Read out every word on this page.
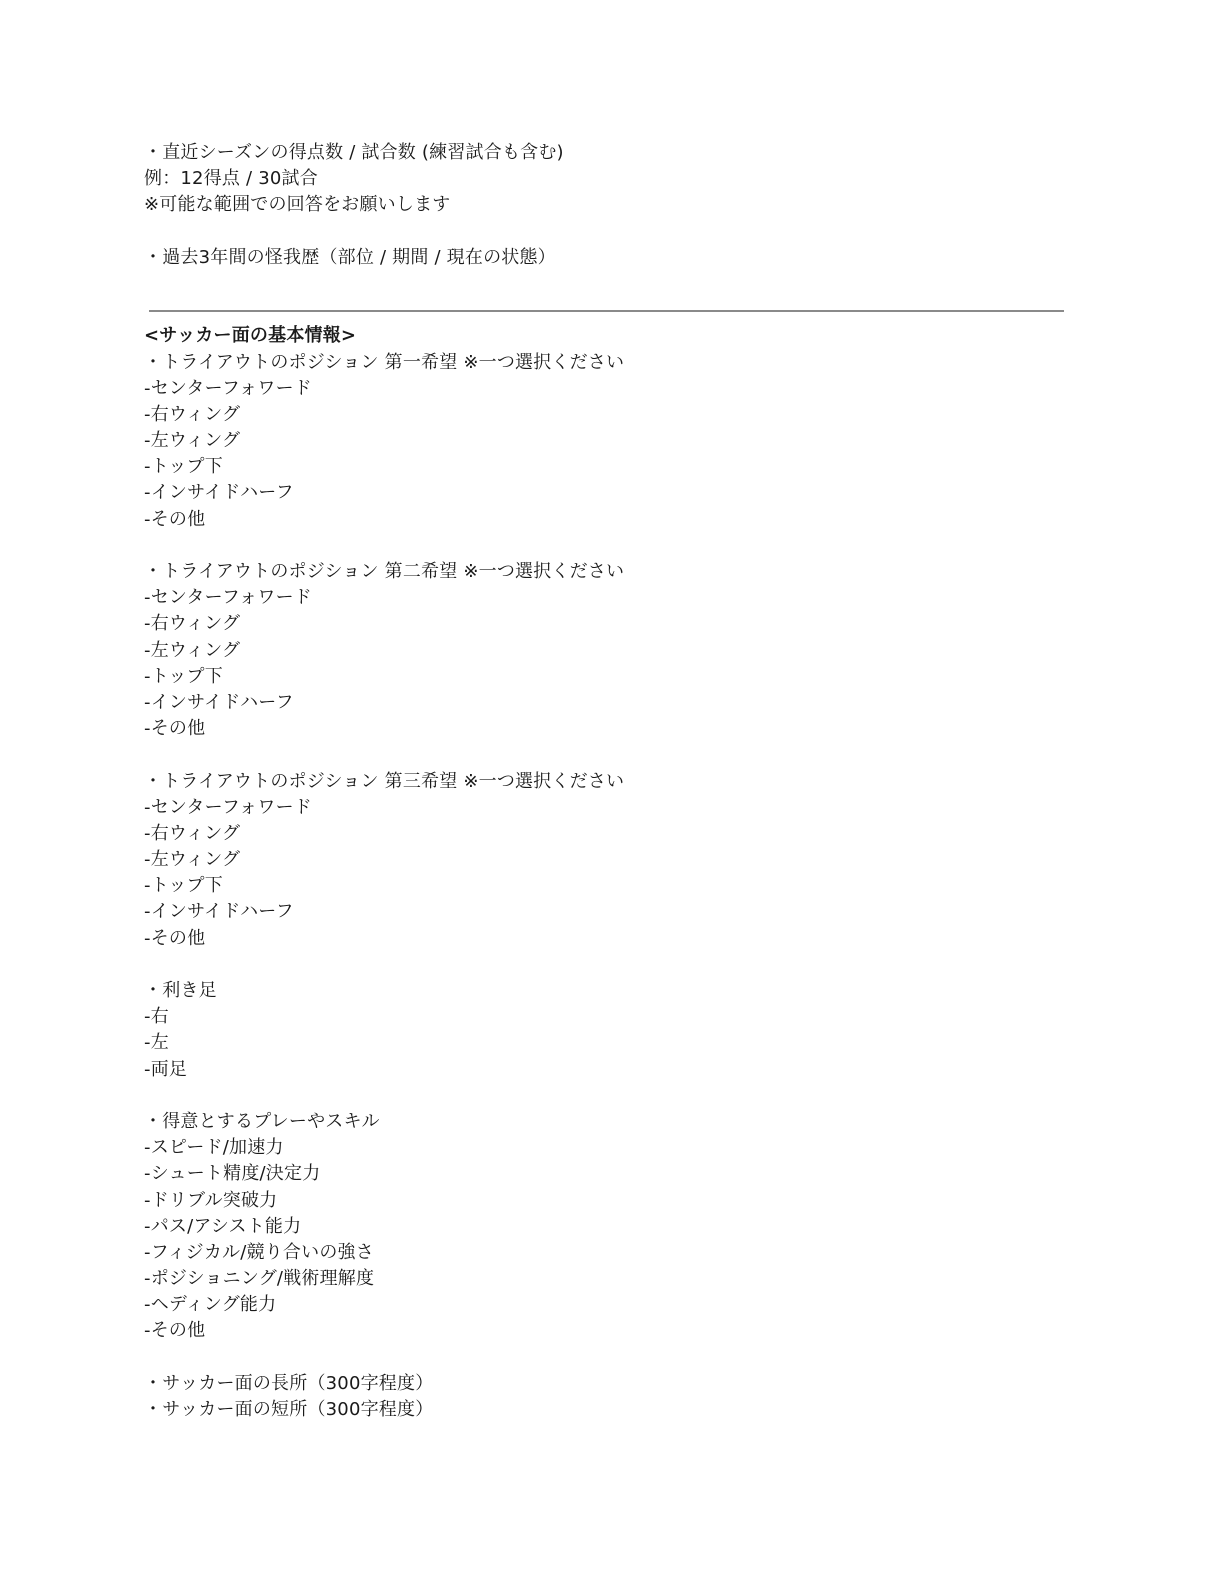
・直近シーズンの得点数 / 試合数 (練習試合も含む)
例：12得点 / 30試合
※可能な範囲での回答をお願いします
・過去3年間の怪我歴（部位 / 期間 / 現在の状態）
<サッカー面の基本情報>
・トライアウトのポジション 第一希望 ※一つ選択ください
-センターフォワード
-右ウィング
-左ウィング
-トップ下
-インサイドハーフ
-その他
・トライアウトのポジション 第二希望 ※一つ選択ください
-センターフォワード
-右ウィング
-左ウィング
-トップ下
-インサイドハーフ
-その他
・トライアウトのポジション 第三希望 ※一つ選択ください
-センターフォワード
-右ウィング
-左ウィング
-トップ下
-インサイドハーフ
-その他
・利き足
-右
-左
-両足
・得意とするプレーやスキル
-スピード/加速力
-シュート精度/決定力
-ドリブル突破力
-パス/アシスト能力
-フィジカル/競り合いの強さ
-ポジショニング/戦術理解度
-ヘディング能力
-その他
・サッカー面の長所（300字程度）
・サッカー面の短所（300字程度）
